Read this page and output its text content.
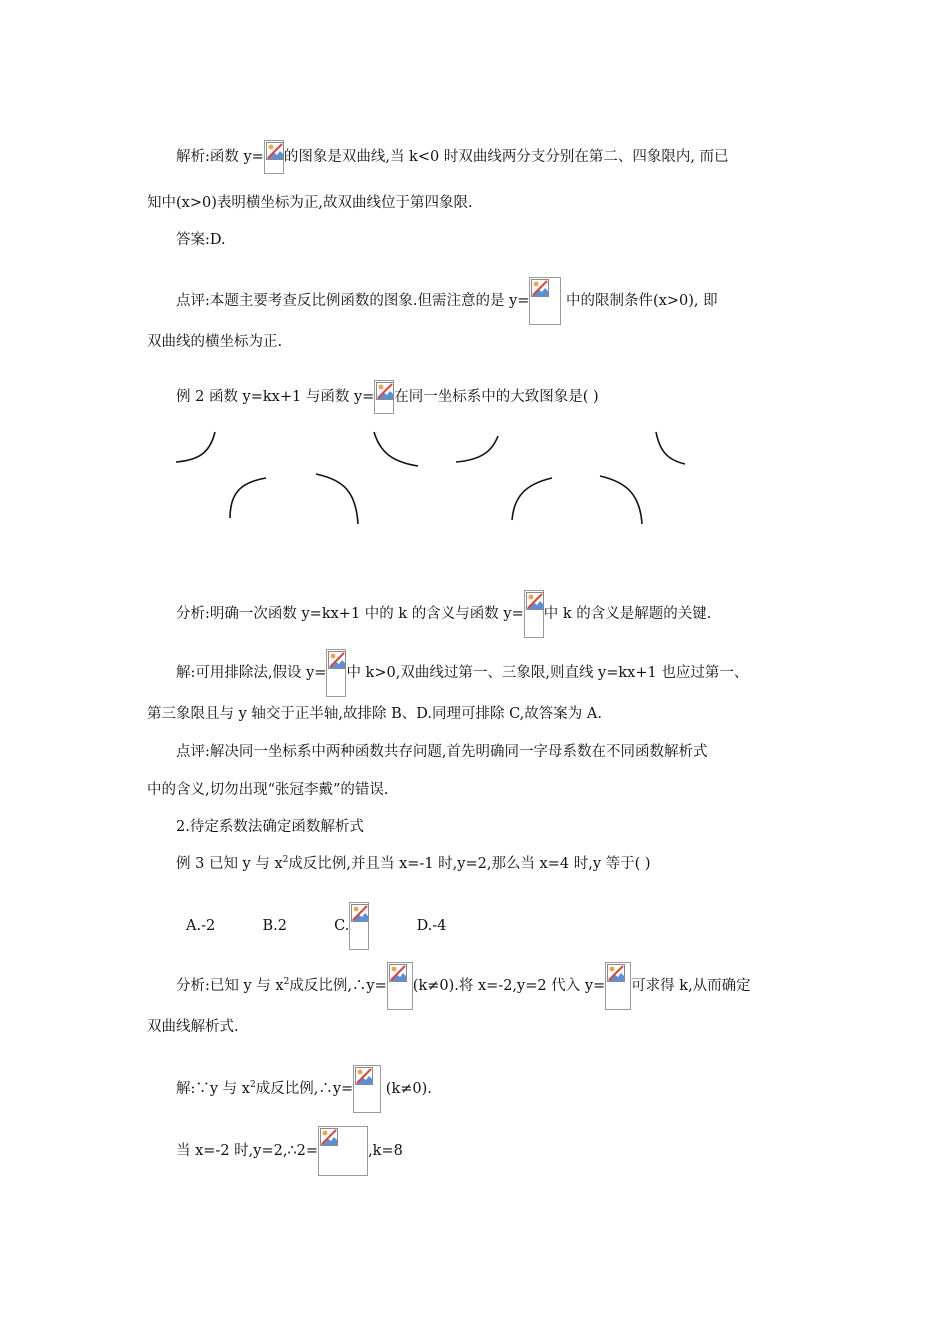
解析:函数 y= 的图象是双曲线,当 k<0 时双曲线两分支分别在第二、四象限内, 而已
知中(x>0)表明横坐标为正,故双曲线位于第四象限.
答案:D.
点评:本题主要考查反比例函数的图象.但需注意的是 y=
中的限制条件(x>0), 即
双曲线的横坐标为正.
例 2 函数 y=kx+1 与函数 y= 在同一坐标系中的大致图象是( )
分析:明确一次函数 y=kx+1 中的 k 的含义与函数 y= 中 k 的含义是解题的关键.
解:可用排除法,假设 y= 中 k>0,双曲线过第一、三象限,则直线 y=kx+1 也应过第一、
第三象限且与 y 轴交于正半轴,故排除 B、D.同理可排除 C,故答案为 A.
点评:解决同一坐标系中两种函数共存问题,首先明确同一字母系数在不同函数解析式
中的含义,切勿出现“张冠李戴”的错误.
2.待定系数法确定函数解析式
例 3 已知 y 与 $x^2$成反比例,并且当 x=-1 时,y=2,那么当 x=4 时,y 等于( )
A.-2	B.2	C.	D.-4
分析:已知 y 与 $x^2$成反比例,∴y= (k≠0).将 x=-2,y=2 代入 y= 可求得 k,从而确定
双曲线解析式.
解:∵y 与 $x^2$成反比例,∴y=
(k≠0).
当 x=-2 时,y=2,∴2=	,k=8
